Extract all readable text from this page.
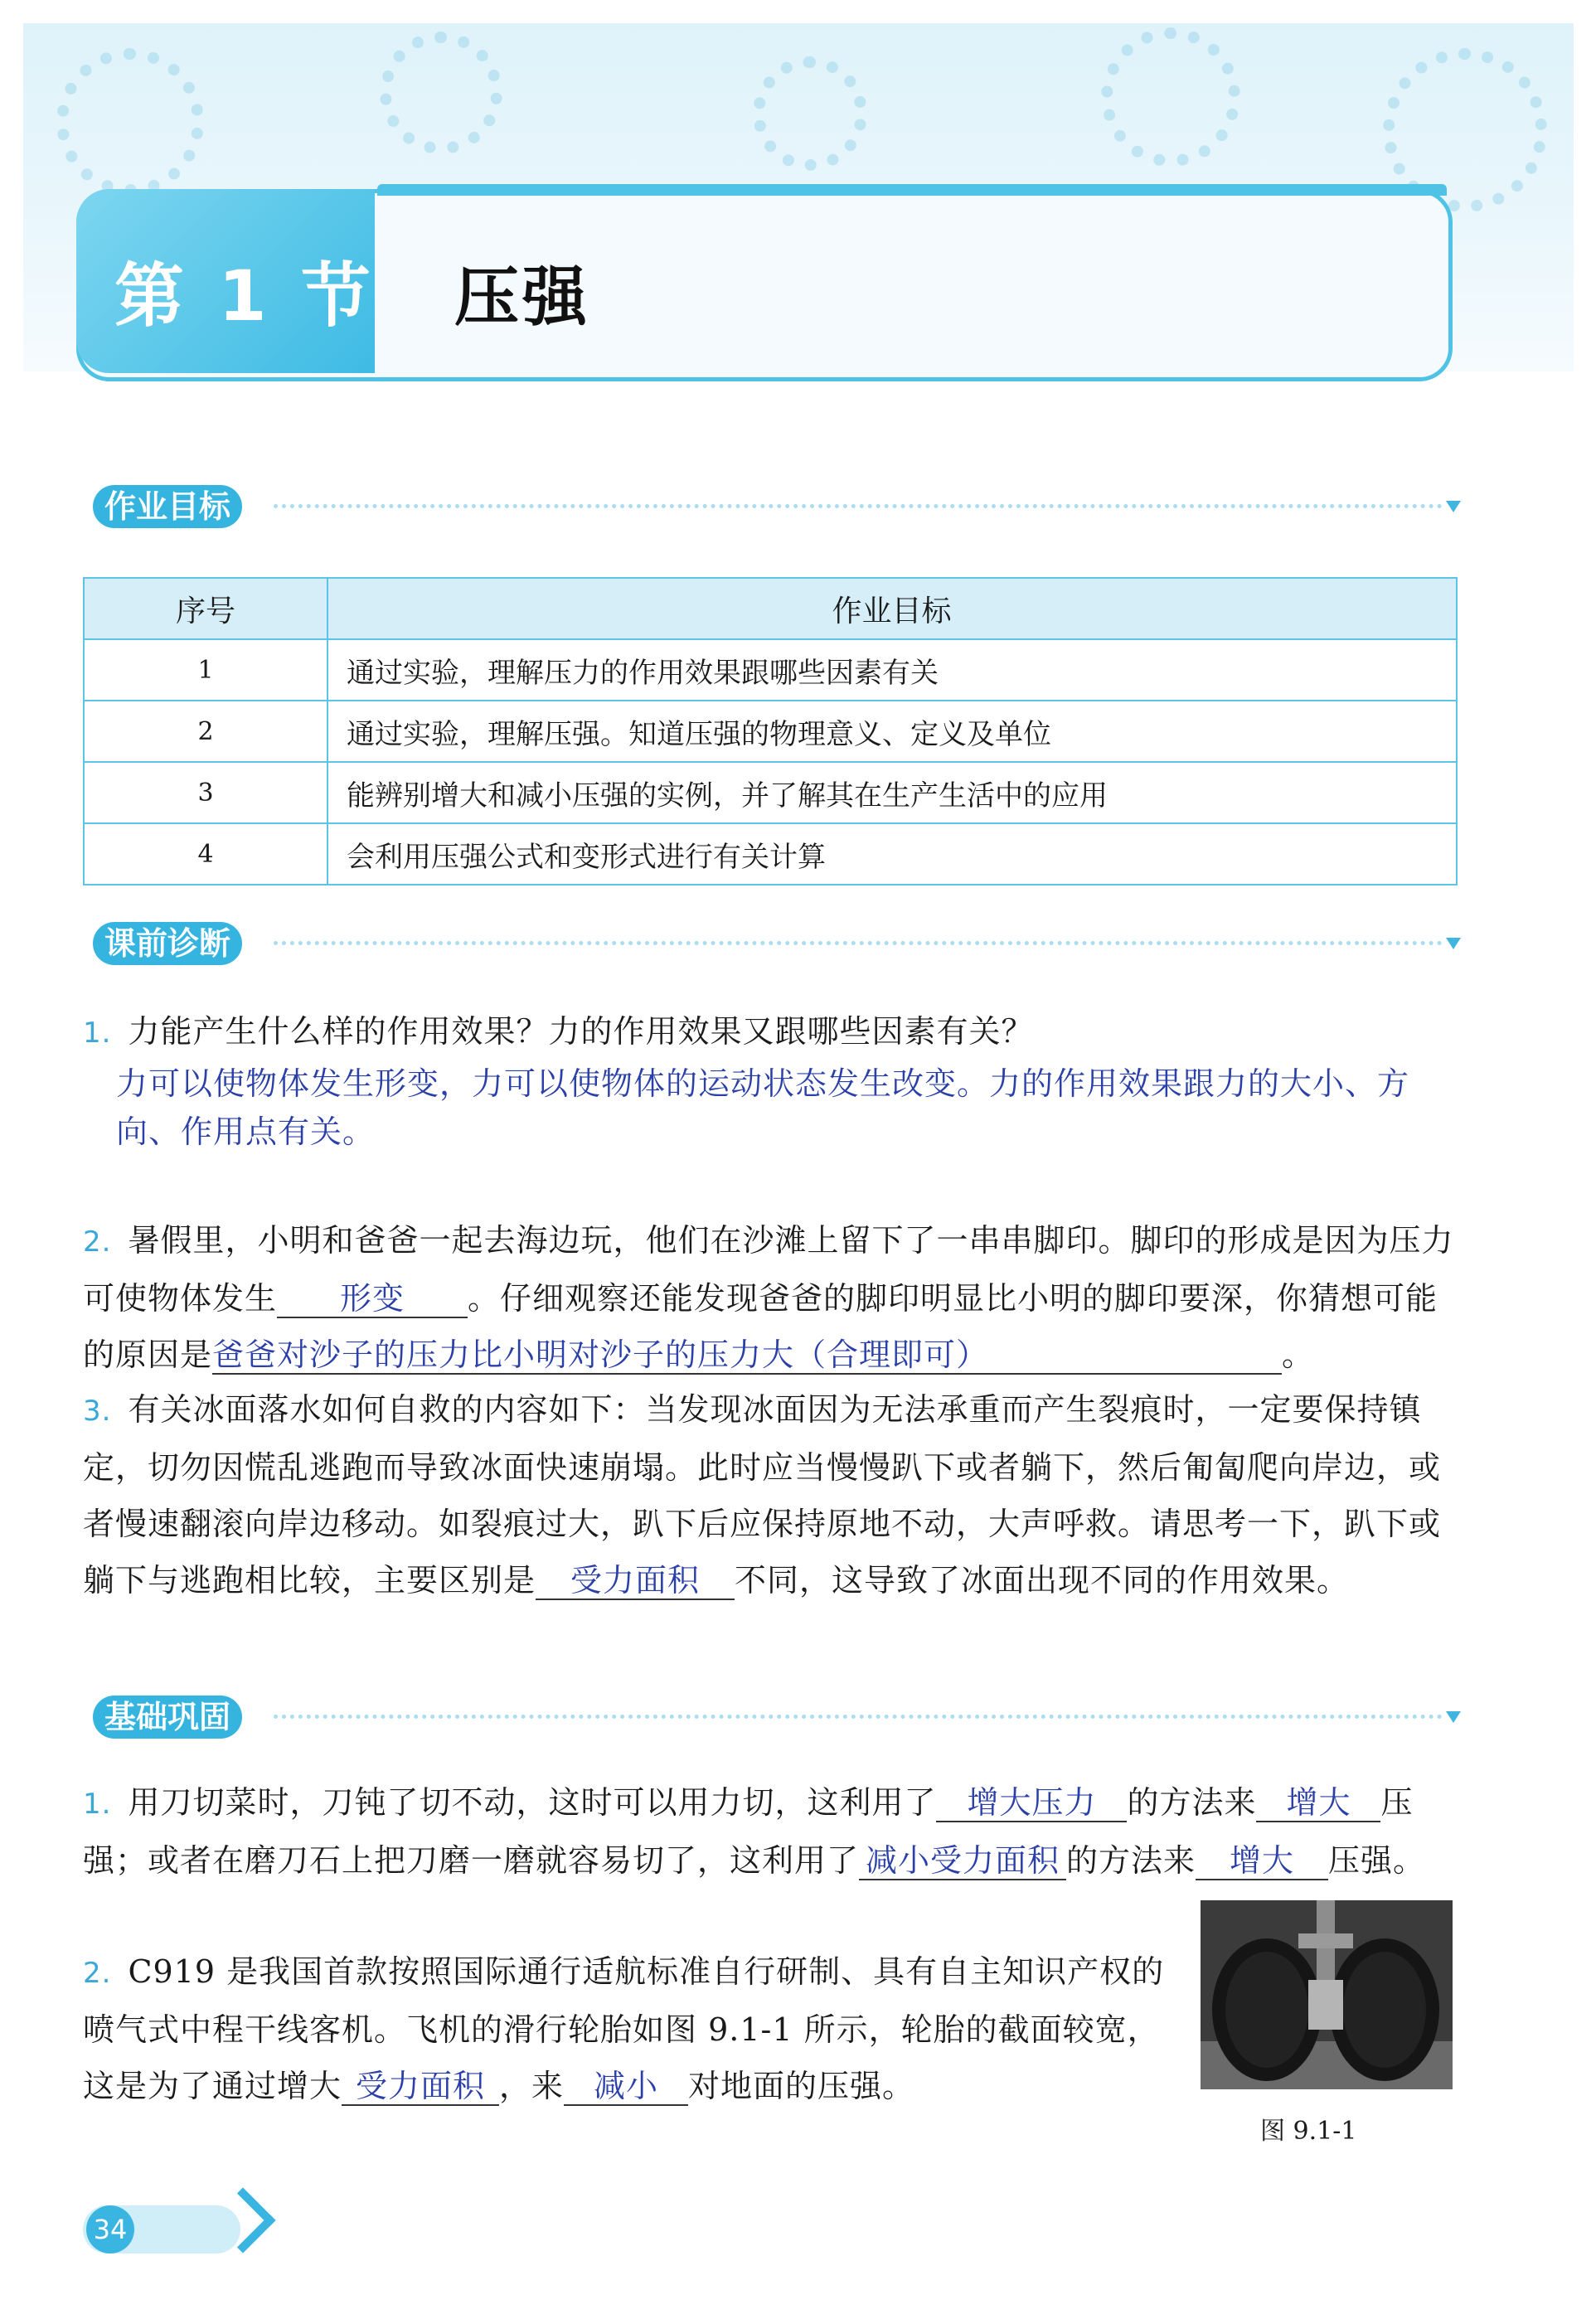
第 1 节 压强
作业目标
序号	作业目标
1	通过实验，理解压力的作用效果跟哪些因素有关
2	通过实验，理解压强。知道压强的物理意义、定义及单位
3	能辨别增大和减小压强的实例，并了解其在生产生活中的应用
4	会利用压强公式和变形式进行有关计算
课前诊断
1. 力能产生什么样的作用效果？力的作用效果又跟哪些因素有关？
力可以使物体发生形变，力可以使物体的运动状态发生改变。力的作用效果跟力的大小、方向、作用点有关。
2. 暑假里，小明和爸爸一起去海边玩，他们在沙滩上留下了一串串脚印。脚印的形成是因为压力可使物体发生 形变 。仔细观察还能发现爸爸的脚印明显比小明的脚印要深，你猜想可能的原因是爸爸对沙子的压力比小明对沙子的压力大（合理即可）	。
3. 有关冰面落水如何自救的内容如下：当发现冰面因为无法承重而产生裂痕时，一定要保持镇定，切勿因慌乱逃跑而导致冰面快速崩塌。此时应当慢慢趴下或者躺下，然后匍匐爬向岸边，或者慢速翻滚向岸边移动。如裂痕过大，趴下后应保持原地不动，大声呼救。请思考一下，趴下或躺下与逃跑相比较，主要区别是 受力面积 不同，这导致了冰面出现不同的作用效果。
基础巩固
1. 用刀切菜时，刀钝了切不动，这时可以用力切，这利用了 增大压力 的方法来 增大 压强；或者在磨刀石上把刀磨一磨就容易切了，这利用了 减小受力面积 的方法来 增大 压强。
2. C919 是我国首款按照国际通行适航标准自行研制、具有自主知识产权的喷气式中程干线客机。飞机的滑行轮胎如图 9.1-1 所示，轮胎的截面较宽，这是为了通过增大 受力面积 ，来 减小 对地面的压强。
图 9.1-1
34
